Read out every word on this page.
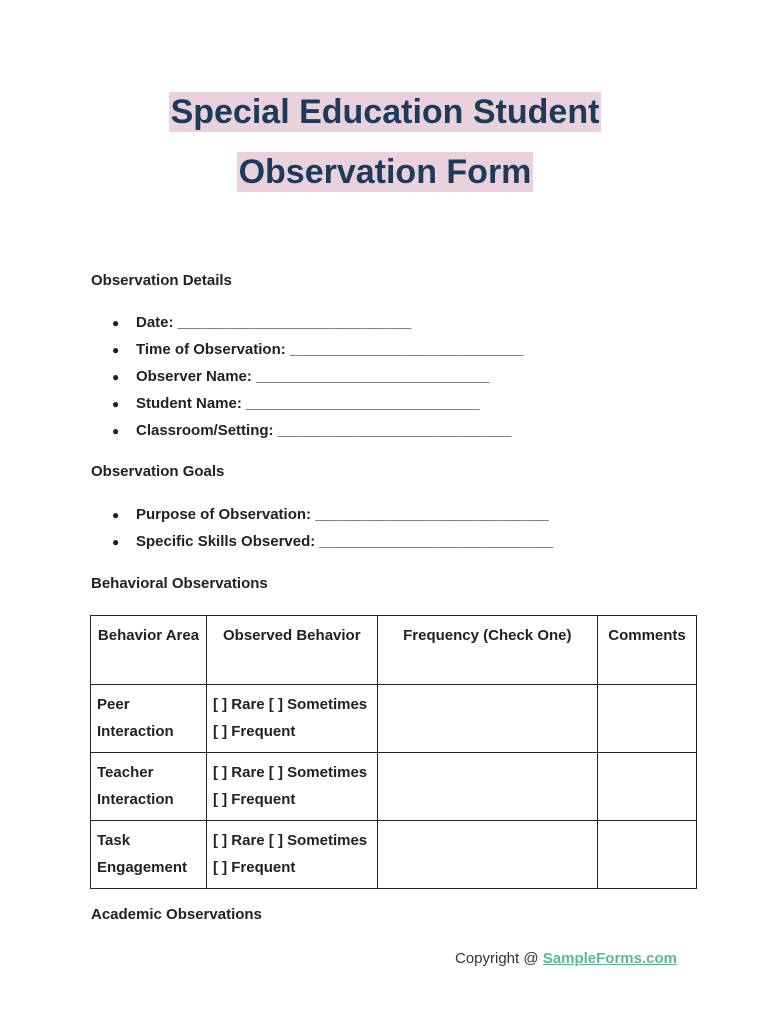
Special Education Student
Observation Form
Observation Details
● Date: ____________________________
● Time of Observation: ____________________________
● Observer Name: ____________________________
● Student Name: ____________________________
● Classroom/Setting: ____________________________
Observation Goals
● Purpose of Observation: ____________________________
● Specific Skills Observed: ____________________________
Behavioral Observations
Behavior Area	Observed Behavior	Frequency (Check One)	Comments
Peer Interaction	[ ] Rare [ ] Sometimes
[ ] Frequent		

Teacher Interaction	[ ] Rare [ ] Sometimes
[ ] Frequent		

Task Engagement	[ ] Rare [ ] Sometimes
[ ] Frequent		

Academic Observations
Copyright @ SampleForms.com
